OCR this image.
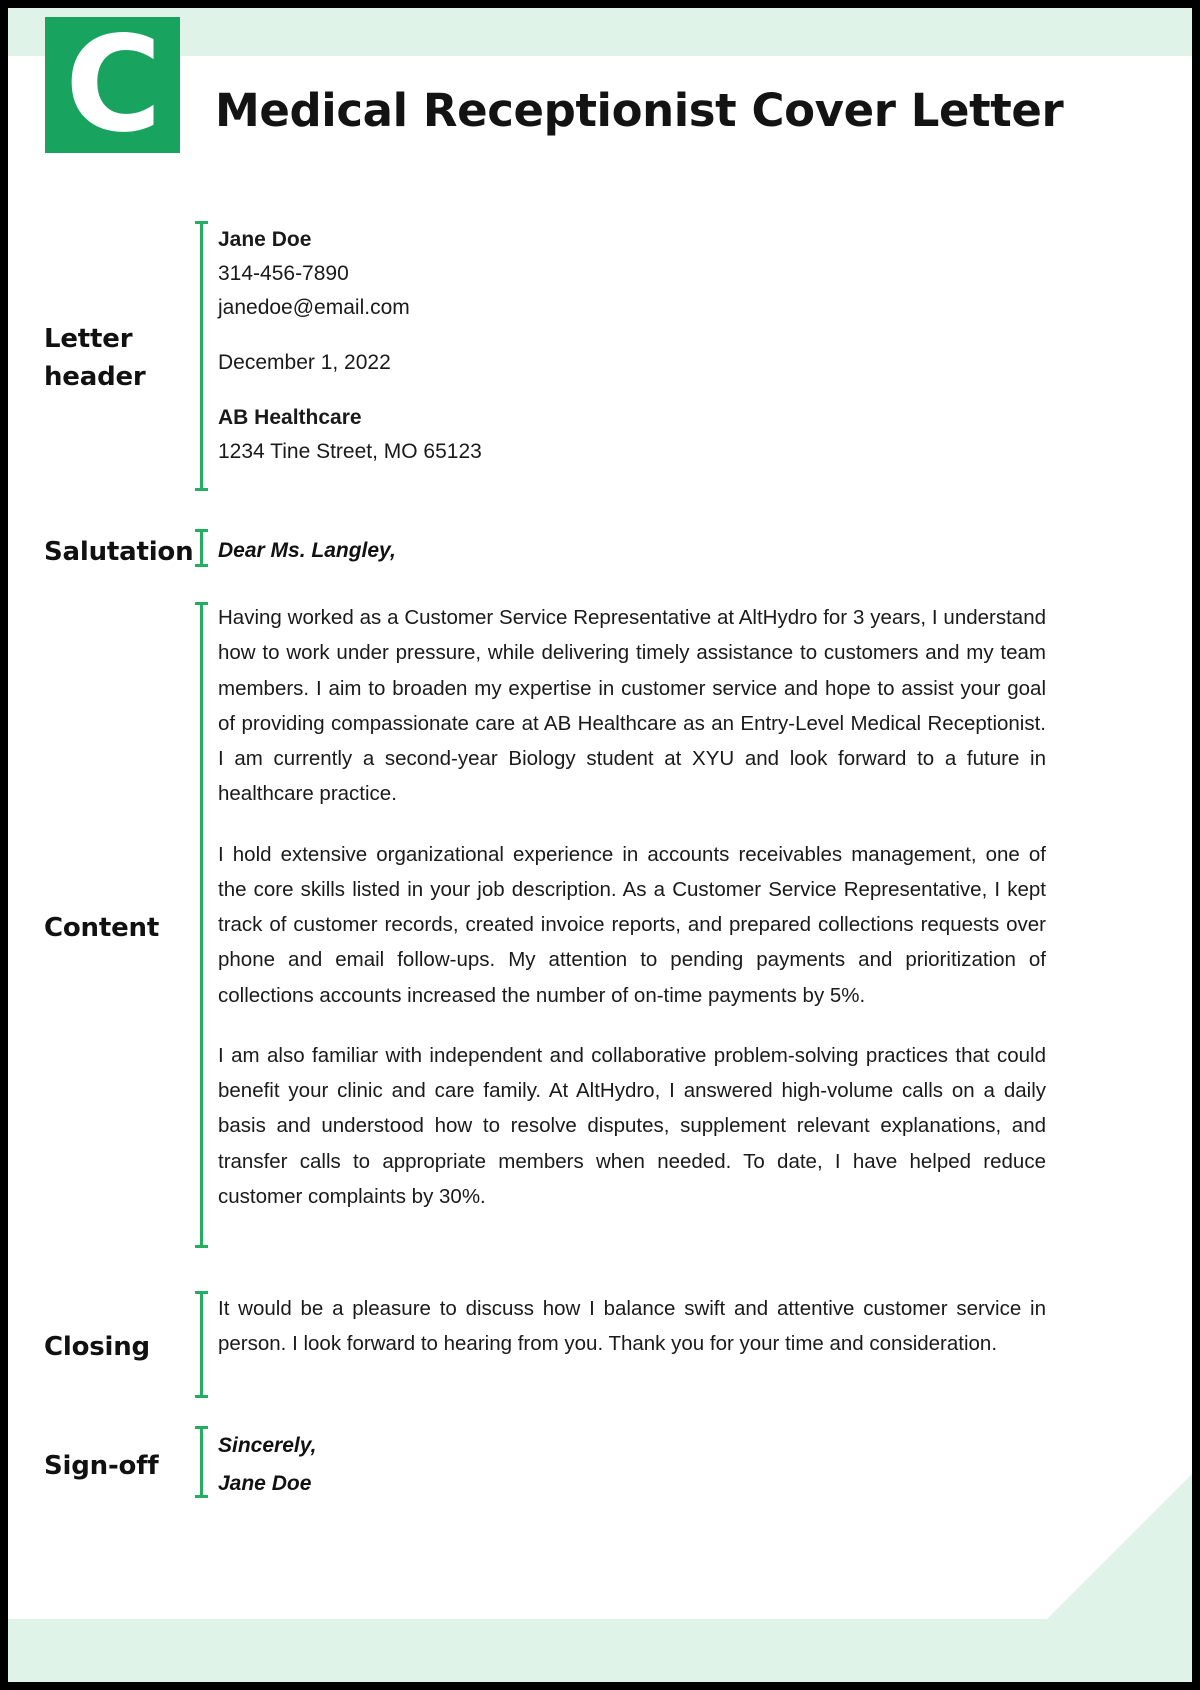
C	Medical Receptionist Cover Letter
Letter
header
Jane Doe
314-456-7890
janedoe@email.com
December 1, 2022
AB Healthcare
1234 Tine Street, MO 65123
Salutation Dear Ms. Langley,
Content

Having worked as a Customer Service Representative at AltHydro for 3 years, I understand how to work under pressure, while delivering timely assistance to customers and my team members. I aim to broaden my expertise in customer service and hope to assist your goal of providing compassionate care at AB Healthcare as an Entry-Level Medical Receptionist. I am currently a second-year Biology student at XYU and look forward to a future in healthcare practice.

I hold extensive organizational experience in accounts receivables management, one of the core skills listed in your job description. As a Customer Service Representative, I kept track of customer records, created invoice reports, and prepared collections requests over phone and email follow-ups. My attention to pending payments and prioritization of collections accounts increased the number of on-time payments by 5%.

I am also familiar with independent and collaborative problem-solving practices that could benefit your clinic and care family. At AltHydro, I answered high-volume calls on a daily basis and understood how to resolve disputes, supplement relevant explanations, and transfer calls to appropriate members when needed. To date, I have helped reduce customer complaints by 30%.

Closing

It would be a pleasure to discuss how I balance swift and attentive customer service in person. I look forward to hearing from you. Thank you for your time and consideration.

Sign-off
Sincerely,
Jane Doe
